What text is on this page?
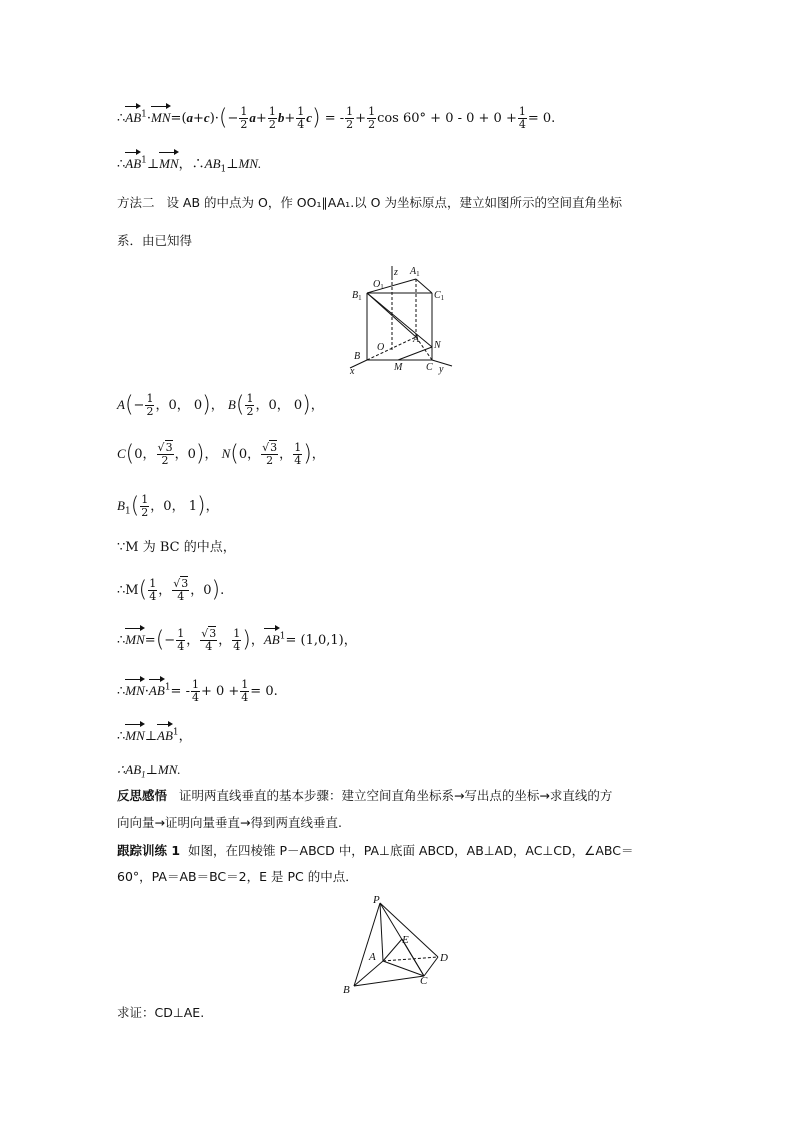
$\therefore AB^1\cdot MN=(a+c)\cdot(- \frac{1}{2} a+ \frac{1}{2} b+ \frac{1}{4} c)$ = - $\frac{1}{2} + \frac{1}{2}$ $\cos 60^\circ + 0 - 0 + 0 + \frac{1}{4} = 0$.
$\therefore AB^1\perp MN$，$\therefore AB_1\perp MN$.
方法二 设 AB 的中点为 O，作 OO₁∥AA₁.以 O 为坐标原点，建立如图所示的空间直角坐标
系．由已知得
$O_1$
z $A_1$
$B_1$	$C_1$
A
O	N
B
x	M C y
$A(- \frac{1}{2}$ ，0， 0)， $B( \frac{1}{2}$ ，0， 0)，
C(0， $\frac{√3}{2}$ ，0)， N(0， $\frac{√3}{2}$ ， $\frac{1}{4}$ )，
$B_1( \frac{1}{2}$ ，0， 1)，
∵M 为 BC 的中点，
∴M( $\frac{1}{4}$ ， $\frac{√3}{4}$ ，0).
∴MN=(− $\frac{1}{4}$ ， $\frac{√3}{4}$ ， $\frac{1}{4}$ )，$AB^1= (1,0,1)$，
$\therefore MN\cdot AB^1= - \frac{1}{4} + 0 + \frac{1}{4} = 0$.
$\therefore MN\perp AB^1$，
$\therefore AB_1\perp MN$.
反思感悟 证明两直线垂直的基本步骤：建立空间直角坐标系→写出点的坐标→求直线的方
向向量→证明向量垂直→得到两直线垂直.
跟踪训练 1 如图，在四棱锥 P－ABCD 中，PA⊥底面 ABCD，AB⊥AD，AC⊥CD，∠ABC＝
60°，PA＝AB＝BC＝2，E 是 PC 的中点．
P
E
A	D
B
C
求证：CD⊥AE.
